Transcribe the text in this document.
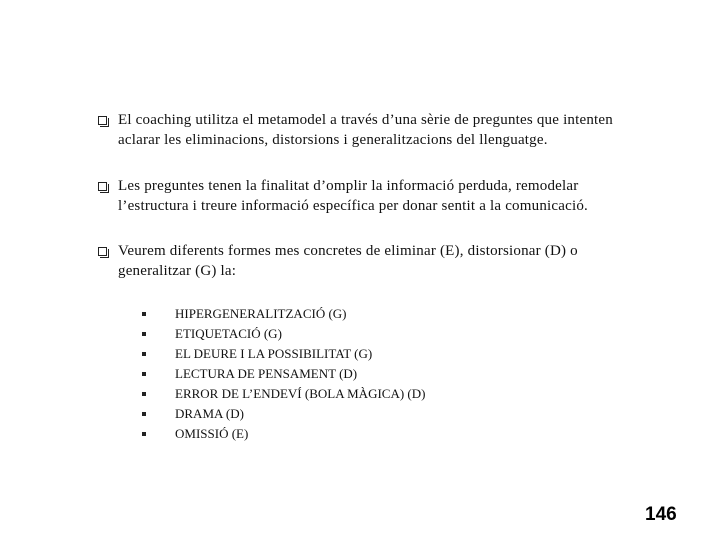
El coaching utilitza el metamodel a través d’una sèrie de preguntes que intenten aclarar les eliminacions, distorsions i generalitzacions del llenguatge.
Les preguntes tenen la finalitat d’omplir la informació perduda, remodelar l’estructura i treure informació específica per donar sentit a la comunicació.
Veurem diferents formes mes concretes de eliminar (E), distorsionar (D) o generalitzar (G) la:
HIPERGENERALITZACIÓ (G)
ETIQUETACIÓ (G)
EL DEURE I LA POSSIBILITAT (G)
LECTURA DE PENSAMENT (D)
ERROR DE L’ENDEVÍ (BOLA MÀGICA) (D)
DRAMA (D)
OMISSIÓ (E)
146
